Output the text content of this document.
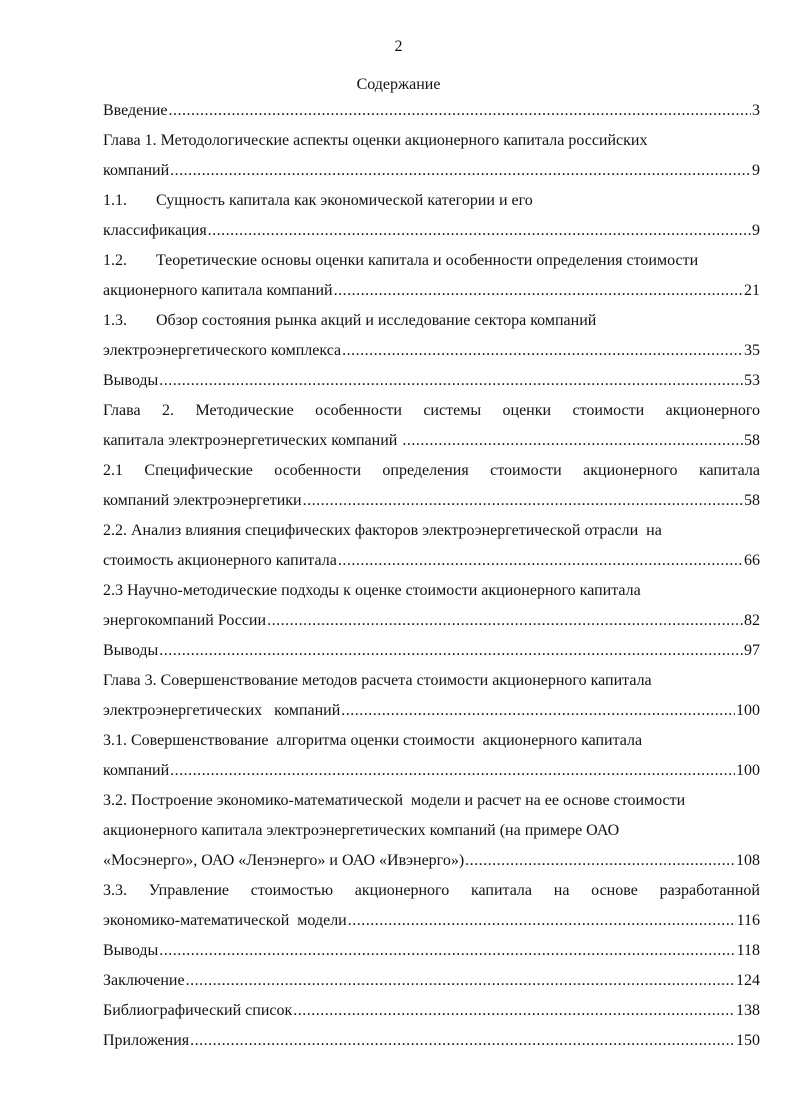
2
Содержание
Введение .....	3
Глава 1. Методологические аспекты оценки акционерного капитала российских
компаний .....	9
1.1. Сущность капитала как экономической категории и его
классификация .....	9
1.2. Теоретические основы оценки капитала и особенности определения стоимости
акционерного капитала компаний .....	21
1.3. Обзор состояния рынка акций и исследование сектора компаний
электроэнергетического комплекса .....	35
Выводы .....	53
Глава 2. Методические особенности системы оценки стоимости акционерного
капитала электроэнергетических компаний .....	58
2.1 Специфические особенности определения стоимости акционерного капитала
компаний электроэнергетики .....	58
2.2. Анализ влияния специфических факторов электроэнергетической отрасли  на
стоимость акционерного капитала .....	66
2.3 Научно-методические подходы к оценке стоимости акционерного капитала
энергокомпаний России .....	82
Выводы .....	97
Глава 3. Совершенствование методов расчета стоимости акционерного капитала
электроэнергетических   компаний .....	100
3.1. Совершенствование  алгоритма оценки стоимости  акционерного капитала
компаний .....	100
3.2. Построение экономико-математической  модели и расчет на ее основе стоимости
акционерного капитала электроэнергетических компаний (на примере ОАО
«Мосэнерго», ОАО «Ленэнерго» и ОАО «Ивэнерго») .....	108
3.3. Управление стоимостью акционерного капитала на основе разработанной
экономико-математической  модели .....	116
Выводы .....	118
Заключение .....	124
Библиографический список .....	138
Приложения .....	150
